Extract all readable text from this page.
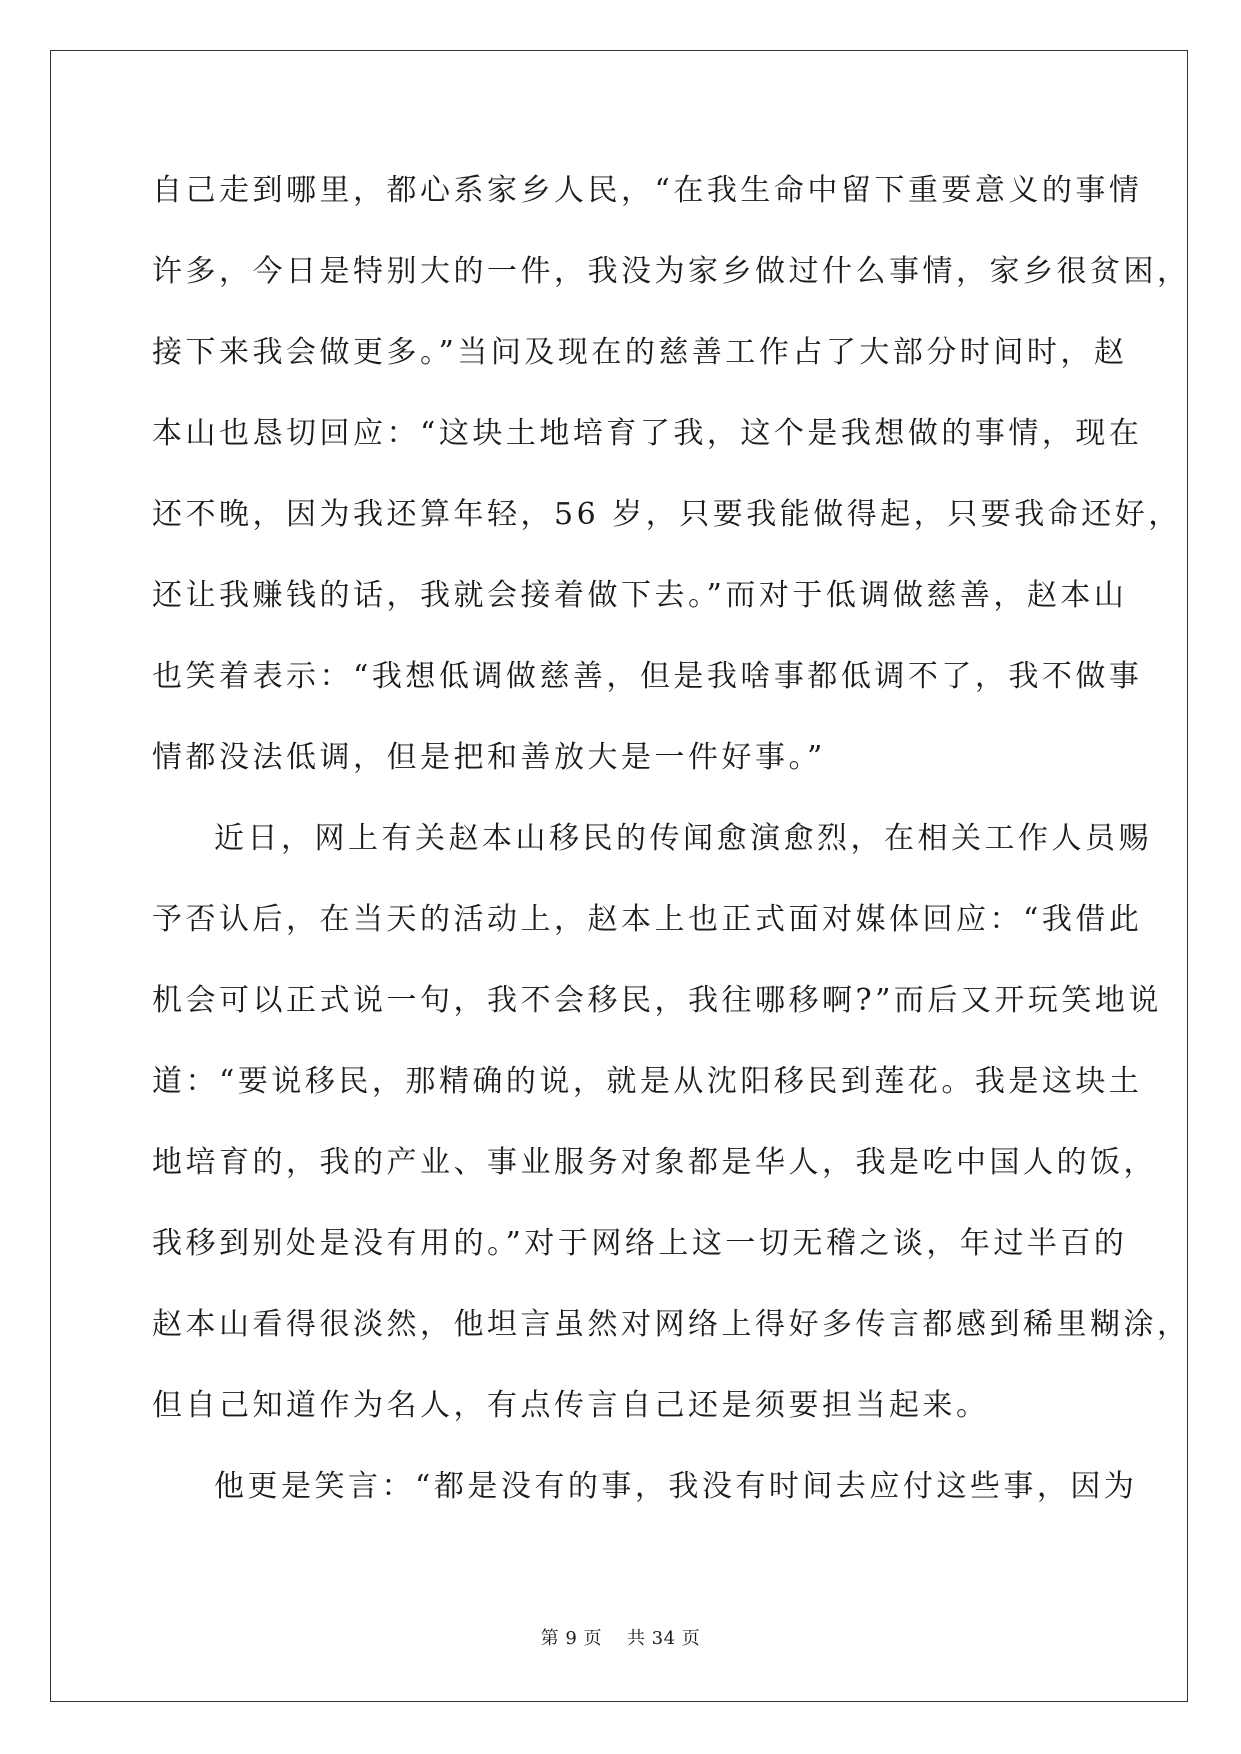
自己走到哪里，都心系家乡人民，“在我生命中留下重要意义的事情
许多，今日是特别大的一件，我没为家乡做过什么事情，家乡很贫困，
接下来我会做更多。”当问及现在的慈善工作占了大部分时间时，赵
本山也恳切回应：“这块土地培育了我，这个是我想做的事情，现在
还不晚，因为我还算年轻，56 岁，只要我能做得起，只要我命还好，
还让我赚钱的话，我就会接着做下去。”而对于低调做慈善，赵本山
也笑着表示：“我想低调做慈善，但是我啥事都低调不了，我不做事
情都没法低调，但是把和善放大是一件好事。”
近日，网上有关赵本山移民的传闻愈演愈烈，在相关工作人员赐
予否认后，在当天的活动上，赵本上也正式面对媒体回应：“我借此
机会可以正式说一句，我不会移民，我往哪移啊?”而后又开玩笑地说
道：“要说移民，那精确的说，就是从沈阳移民到莲花。我是这块土
地培育的，我的产业、事业服务对象都是华人，我是吃中国人的饭，
我移到别处是没有用的。”对于网络上这一切无稽之谈，年过半百的
赵本山看得很淡然，他坦言虽然对网络上得好多传言都感到稀里糊涂，
但自己知道作为名人，有点传言自己还是须要担当起来。
他更是笑言：“都是没有的事，我没有时间去应付这些事，因为
第 9 页    共 34 页
